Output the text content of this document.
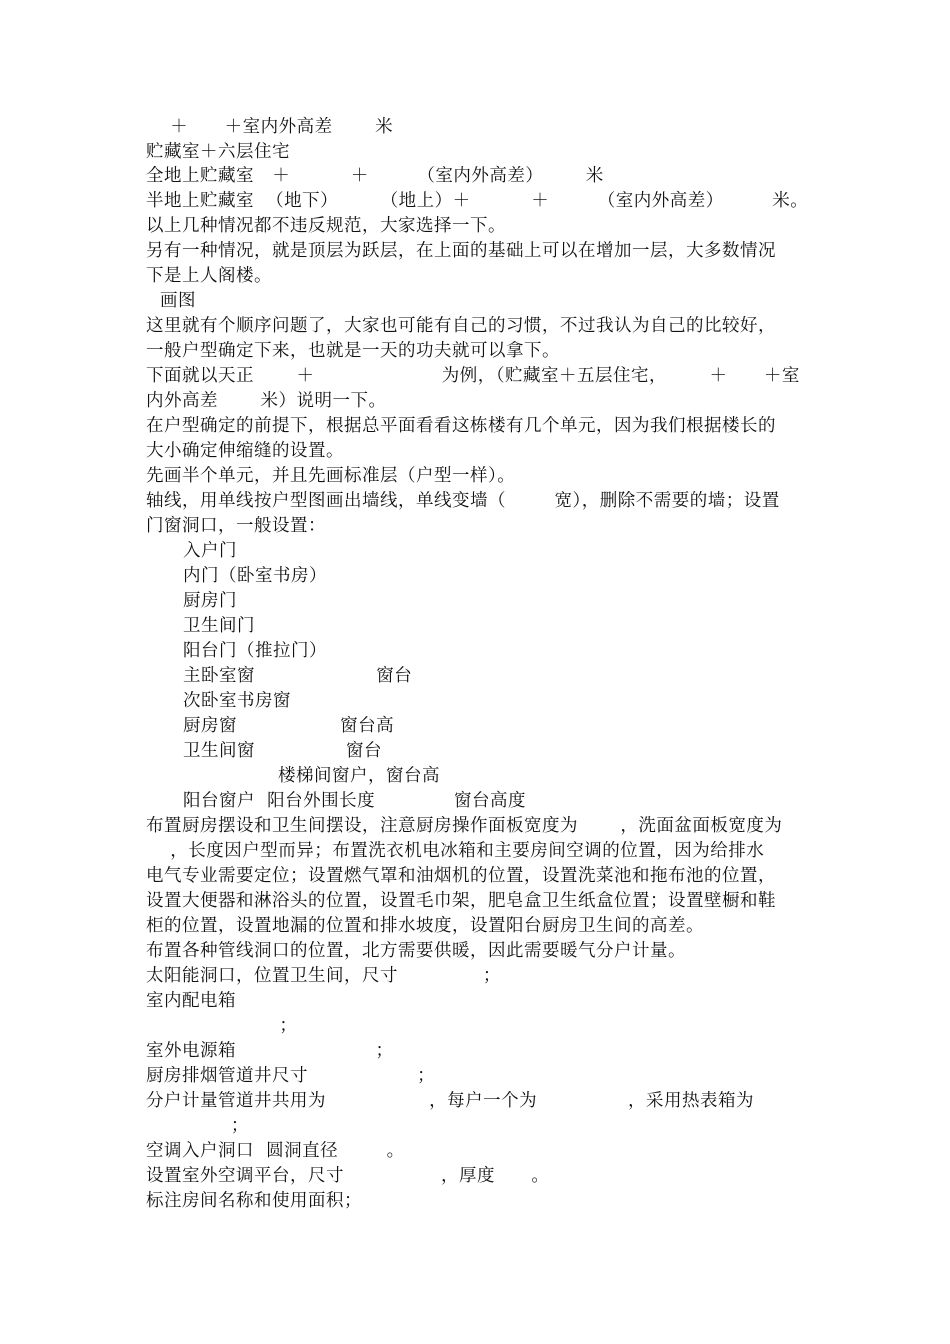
＋      ＋室内外高差       米
贮藏室＋六层住宅
全地上贮藏室   ＋          ＋        （室内外高差）       米
半地上贮藏室  （地下）       （地上）＋          ＋        （室内外高差）        米。
以上几种情况都不违反规范，大家选择一下。
另有一种情况，就是顶层为跃层，在上面的基础上可以在增加一层，大多数情况
下是上人阁楼。
画图
这里就有个顺序问题了，大家也可能有自己的习惯，不过我认为自己的比较好，
一般户型确定下来，也就是一天的功夫就可以拿下。
下面就以天正       ＋                     为例，（贮藏室＋五层住宅，       ＋      ＋室
内外高差       米）说明一下。
在户型确定的前提下，根据总平面看看这栋楼有几个单元，因为我们根据楼长的
大小确定伸缩缝的设置。
先画半个单元，并且先画标准层（户型一样）。
轴线，用单线按户型图画出墙线，单线变墙（        宽），删除不需要的墙；设置
门窗洞口，一般设置：
入户门
内门（卧室书房）
厨房门
卫生间门
阳台门（推拉门）
主卧室窗                    窗台
次卧室书房窗
厨房窗                 窗台高
卫生间窗               窗台
楼梯间窗户，窗台高
阳台窗户  阳台外围长度             窗台高度
布置厨房摆设和卫生间摆设，注意厨房操作面板宽度为       ，洗面盆面板宽度为
，长度因户型而异；布置洗衣机电冰箱和主要房间空调的位置，因为给排水
电气专业需要定位；设置燃气罩和油烟机的位置，设置洗菜池和拖布池的位置，
设置大便器和淋浴头的位置，设置毛巾架，肥皂盒卫生纸盒位置；设置壁橱和鞋
柜的位置，设置地漏的位置和排水坡度，设置阳台厨房卫生间的高差。
布置各种管线洞口的位置，北方需要供暖，因此需要暖气分户计量。
太阳能洞口，位置卫生间，尺寸              ；
室内配电箱
；
室外电源箱                       ；
厨房排烟管道井尺寸                  ；
分户计量管道井共用为                 ，每户一个为               ，采用热表箱为
；
空调入户洞口  圆洞直径        。
设置室外空调平台，尺寸                ，厚度      。
标注房间名称和使用面积；
